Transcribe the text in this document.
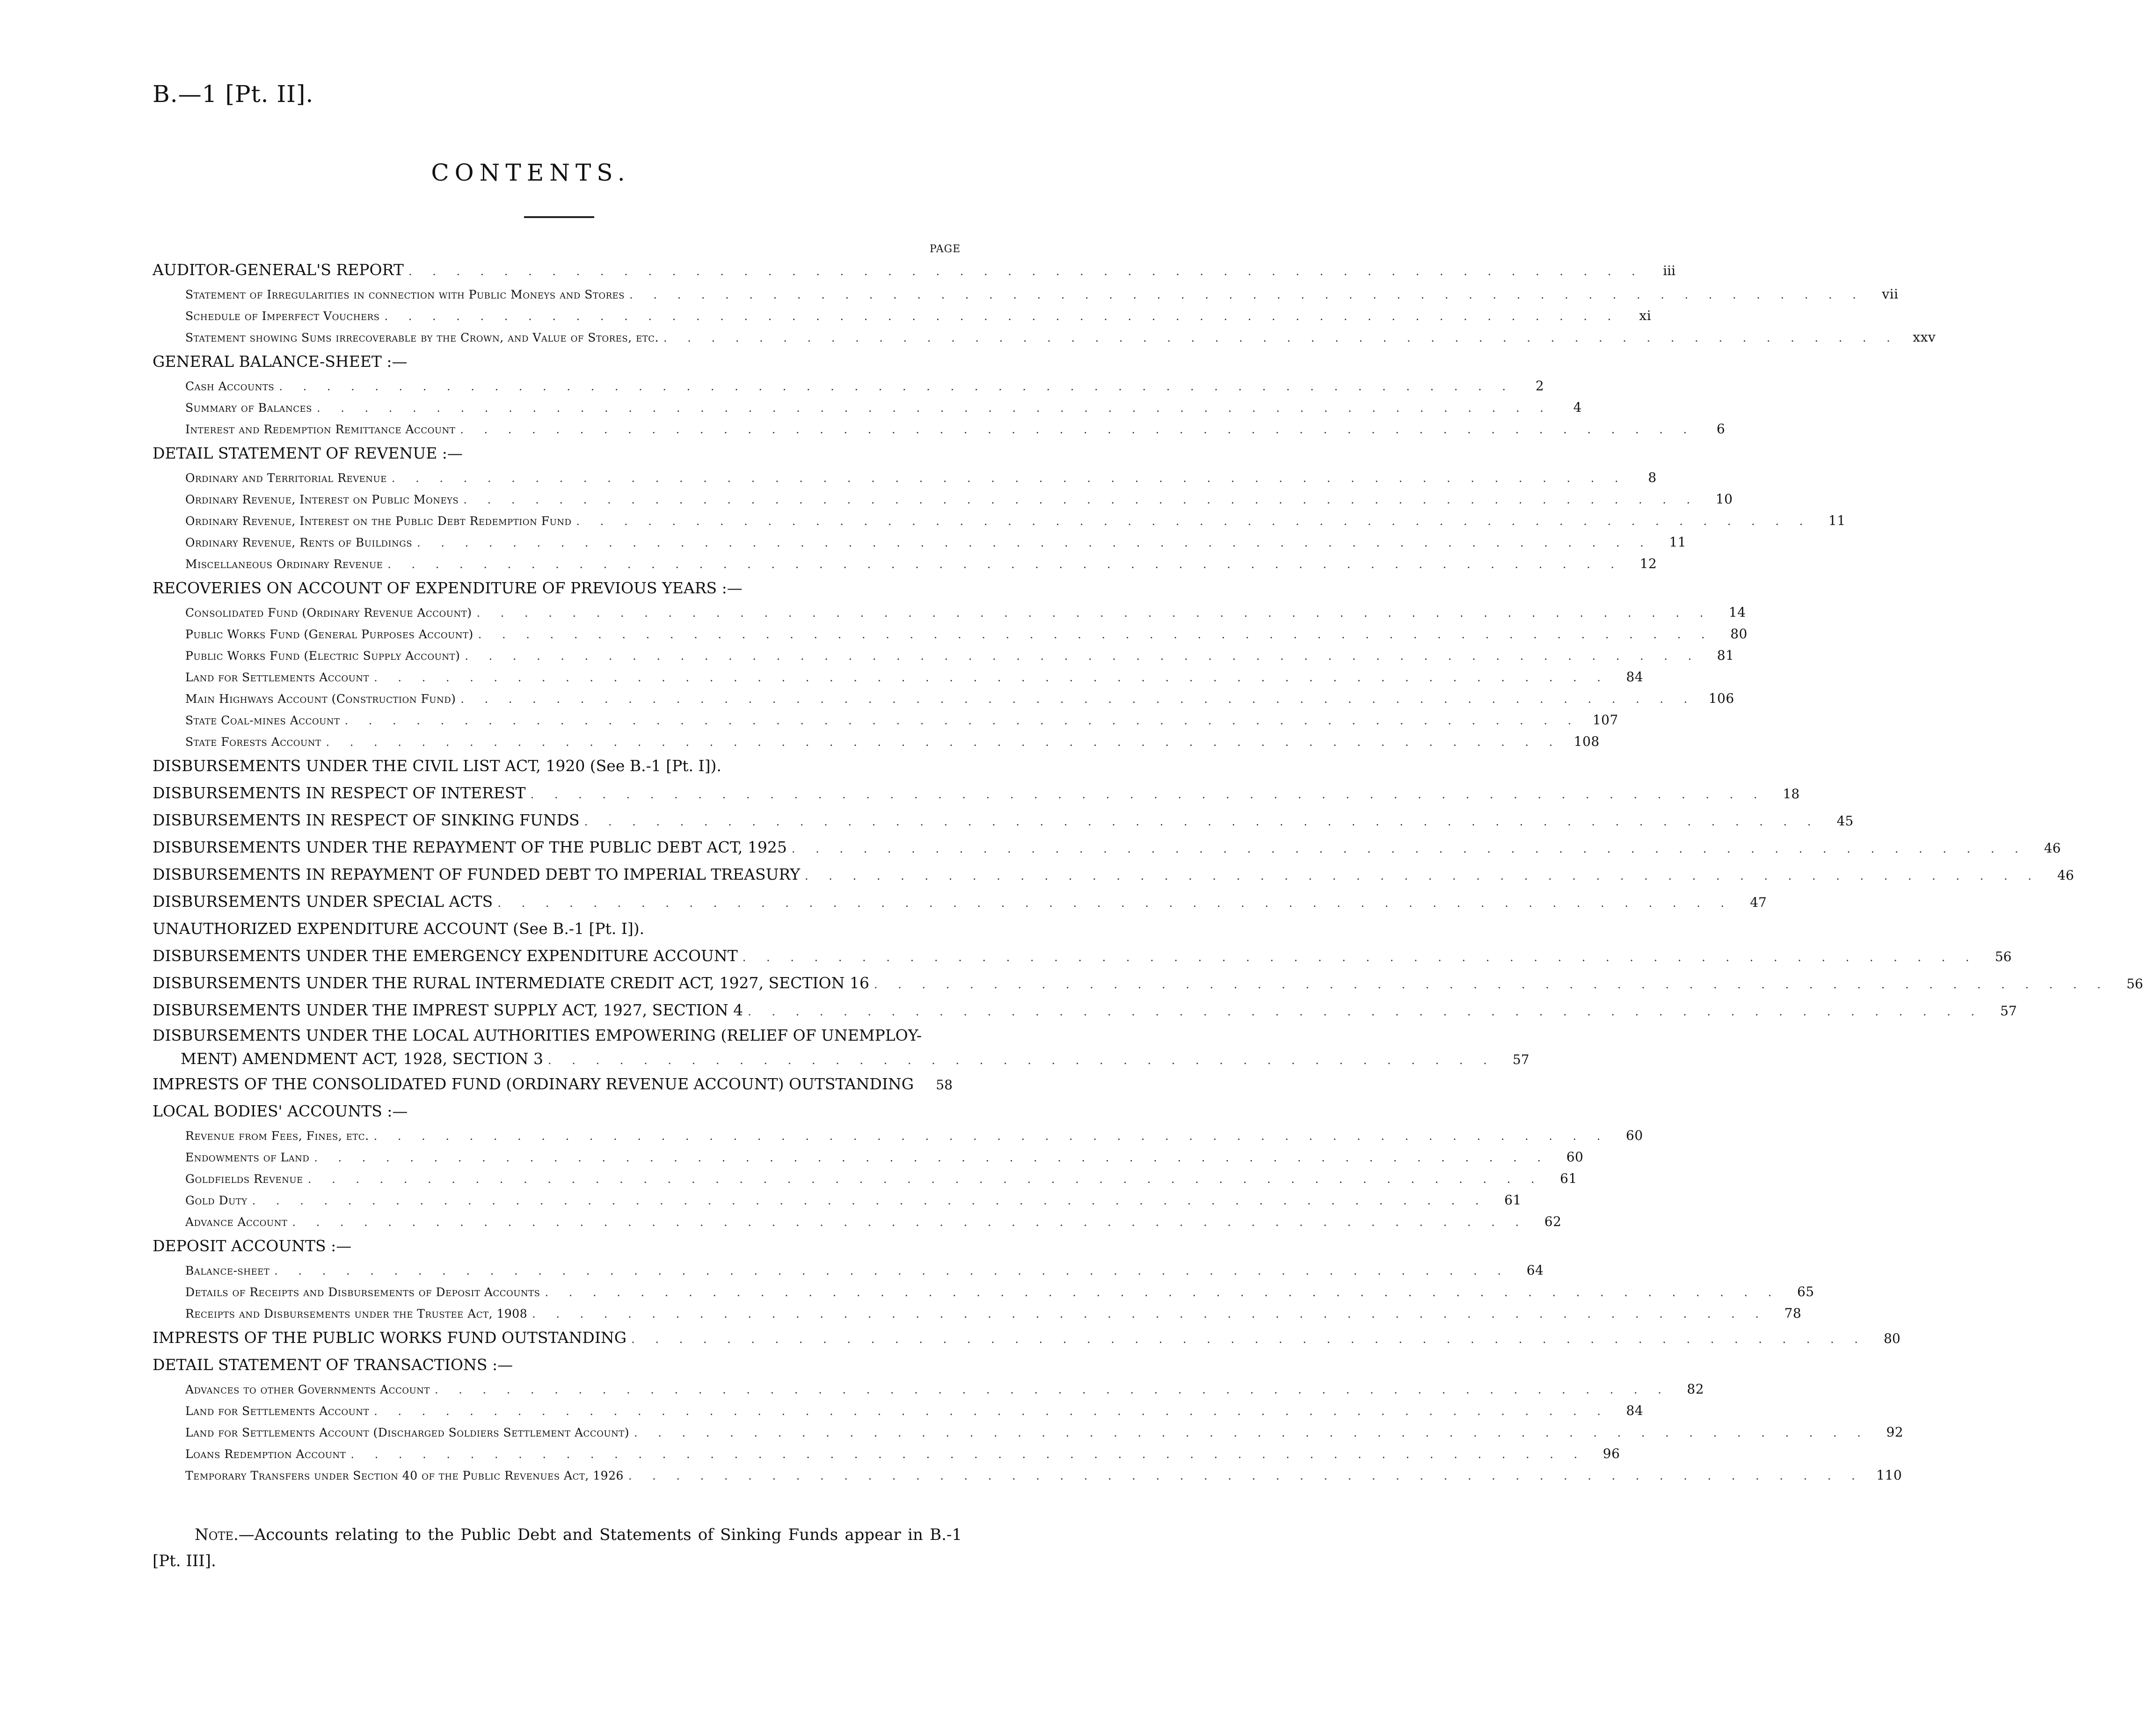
B.—1 [Pt. II].
CONTENTS.
PAGE
AUDITOR-GENERAL'S REPORT . . . . . . . . . . . . . . . . . . . . . . . . . . . . . . . . . . . . . . . . . . . . . . . . . . . .	iii
Statement of Irregularities in connection with Public Moneys and Stores . . . . . . . . . . . . . . . . . . . . . . . . . . . . . . . . . . . . . . . . . . . . . . . . . . . .	vii
Schedule of Imperfect Vouchers . . . . . . . . . . . . . . . . . . . . . . . . . . . . . . . . . . . . . . . . . . . . . . . . . . . .	xi
Statement showing Sums irrecoverable by the Crown, and Value of Stores, etc. . . . . . . . . . . . . . . . . . . . . . . . . . . . . . . . . . . . . . . . . . . . . . . . . . . . .	xxv
GENERAL BALANCE-SHEET :—
Cash Accounts . . . . . . . . . . . . . . . . . . . . . . . . . . . . . . . . . . . . . . . . . . . . . . . . . . . .	2
Summary of Balances . . . . . . . . . . . . . . . . . . . . . . . . . . . . . . . . . . . . . . . . . . . . . . . . . . . .	4
Interest and Redemption Remittance Account . . . . . . . . . . . . . . . . . . . . . . . . . . . . . . . . . . . . . . . . . . . . . . . . . . . .	6
DETAIL STATEMENT OF REVENUE :—
Ordinary and Territorial Revenue . . . . . . . . . . . . . . . . . . . . . . . . . . . . . . . . . . . . . . . . . . . . . . . . . . . .	8
Ordinary Revenue, Interest on Public Moneys . . . . . . . . . . . . . . . . . . . . . . . . . . . . . . . . . . . . . . . . . . . . . . . . . . . .	10
Ordinary Revenue, Interest on the Public Debt Redemption Fund . . . . . . . . . . . . . . . . . . . . . . . . . . . . . . . . . . . . . . . . . . . . . . . . . . . .	11
Ordinary Revenue, Rents of Buildings . . . . . . . . . . . . . . . . . . . . . . . . . . . . . . . . . . . . . . . . . . . . . . . . . . . .	11
Miscellaneous Ordinary Revenue . . . . . . . . . . . . . . . . . . . . . . . . . . . . . . . . . . . . . . . . . . . . . . . . . . . .	12
RECOVERIES ON ACCOUNT OF EXPENDITURE OF PREVIOUS YEARS :—
Consolidated Fund (Ordinary Revenue Account) . . . . . . . . . . . . . . . . . . . . . . . . . . . . . . . . . . . . . . . . . . . . . . . . . . . .	14
Public Works Fund (General Purposes Account) . . . . . . . . . . . . . . . . . . . . . . . . . . . . . . . . . . . . . . . . . . . . . . . . . . . .	80
Public Works Fund (Electric Supply Account) . . . . . . . . . . . . . . . . . . . . . . . . . . . . . . . . . . . . . . . . . . . . . . . . . . . .	81
Land for Settlements Account . . . . . . . . . . . . . . . . . . . . . . . . . . . . . . . . . . . . . . . . . . . . . . . . . . . .	84
Main Highways Account (Construction Fund) . . . . . . . . . . . . . . . . . . . . . . . . . . . . . . . . . . . . . . . . . . . . . . . . . . . . 106
State Coal-mines Account . . . . . . . . . . . . . . . . . . . . . . . . . . . . . . . . . . . . . . . . . . . . . . . . . . . . 107
State Forests Account . . . . . . . . . . . . . . . . . . . . . . . . . . . . . . . . . . . . . . . . . . . . . . . . . . . . 108
DISBURSEMENTS UNDER THE CIVIL LIST ACT, 1920 (See B.-1 [Pt. I]).
DISBURSEMENTS IN RESPECT OF INTEREST . . . . . . . . . . . . . . . . . . . . . . . . . . . . . . . . . . . . . . . . . . . . . . . . . . . .	18
DISBURSEMENTS IN RESPECT OF SINKING FUNDS . . . . . . . . . . . . . . . . . . . . . . . . . . . . . . . . . . . . . . . . . . . . . . . . . . . .	45
DISBURSEMENTS UNDER THE REPAYMENT OF THE PUBLIC DEBT ACT, 1925 . . . . . . . . . . . . . . . . . . . . . . . . . . . . . . . . . . . . . . . . . . . . . . . . . . . .	46
DISBURSEMENTS IN REPAYMENT OF FUNDED DEBT TO IMPERIAL TREASURY . . . . . . . . . . . . . . . . . . . . . . . . . . . . . . . . . . . . . . . . . . . . . . . . . . . .	46
DISBURSEMENTS UNDER SPECIAL ACTS . . . . . . . . . . . . . . . . . . . . . . . . . . . . . . . . . . . . . . . . . . . . . . . . . . . .	47
UNAUTHORIZED EXPENDITURE ACCOUNT (See B.-1 [Pt. I]).
DISBURSEMENTS UNDER THE EMERGENCY EXPENDITURE ACCOUNT . . . . . . . . . . . . . . . . . . . . . . . . . . . . . . . . . . . . . . . . . . . . . . . . . . . .	56
DISBURSEMENTS UNDER THE RURAL INTERMEDIATE CREDIT ACT, 1927, SECTION 16 . . . . . . . . . . . . . . . . . . . . . . . . . . . . . . . . . . . . . . . . . . . . . . . . . . . .	56
DISBURSEMENTS UNDER THE IMPREST SUPPLY ACT, 1927, SECTION 4 . . . . . . . . . . . . . . . . . . . . . . . . . . . . . . . . . . . . . . . . . . . . . . . . . . . .	57
DISBURSEMENTS UNDER THE LOCAL AUTHORITIES EMPOWERING (RELIEF OF UNEMPLOY-
MENT) AMENDMENT ACT, 1928, SECTION 3 . . . . . . . . . . . . . . . . . . . . . . . . . . . . . . . . . . . . . . . .	57
IMPRESTS OF THE CONSOLIDATED FUND (ORDINARY REVENUE ACCOUNT) OUTSTANDING	58
LOCAL BODIES' ACCOUNTS :—
Revenue from Fees, Fines, etc. . . . . . . . . . . . . . . . . . . . . . . . . . . . . . . . . . . . . . . . . . . . . . . . . . . . .	60
Endowments of Land . . . . . . . . . . . . . . . . . . . . . . . . . . . . . . . . . . . . . . . . . . . . . . . . . . . .	60
Goldfields Revenue . . . . . . . . . . . . . . . . . . . . . . . . . . . . . . . . . . . . . . . . . . . . . . . . . . . .	61
Gold Duty . . . . . . . . . . . . . . . . . . . . . . . . . . . . . . . . . . . . . . . . . . . . . . . . . . . .	61
Advance Account . . . . . . . . . . . . . . . . . . . . . . . . . . . . . . . . . . . . . . . . . . . . . . . . . . . .	62
DEPOSIT ACCOUNTS :—
Balance-sheet . . . . . . . . . . . . . . . . . . . . . . . . . . . . . . . . . . . . . . . . . . . . . . . . . . . .	64
Details of Receipts and Disbursements of Deposit Accounts . . . . . . . . . . . . . . . . . . . . . . . . . . . . . . . . . . . . . . . . . . . . . . . . . . . .	65
Receipts and Disbursements under the Trustee Act, 1908 . . . . . . . . . . . . . . . . . . . . . . . . . . . . . . . . . . . . . . . . . . . . . . . . . . . .	78
IMPRESTS OF THE PUBLIC WORKS FUND OUTSTANDING . . . . . . . . . . . . . . . . . . . . . . . . . . . . . . . . . . . . . . . . . . . . . . . . . . . .	80
DETAIL STATEMENT OF TRANSACTIONS :—
Advances to other Governments Account . . . . . . . . . . . . . . . . . . . . . . . . . . . . . . . . . . . . . . . . . . . . . . . . . . . .	82
Land for Settlements Account . . . . . . . . . . . . . . . . . . . . . . . . . . . . . . . . . . . . . . . . . . . . . . . . . . . .	84
Land for Settlements Account (Discharged Soldiers Settlement Account) . . . . . . . . . . . . . . . . . . . . . . . . . . . . . . . . . . . . . . . . . . . . . . . . . . . .	92
Loans Redemption Account . . . . . . . . . . . . . . . . . . . . . . . . . . . . . . . . . . . . . . . . . . . . . . . . . . . .	96
Temporary Transfers under Section 40 of the Public Revenues Act, 1926 . . . . . . . . . . . . . . . . . . . . . . . . . . . . . . . . . . . . . . . . . . . . . . . . . . . . 110
Note.—Accounts relating to the Public Debt and Statements of Sinking Funds appear in B.-1 [Pt. III].
